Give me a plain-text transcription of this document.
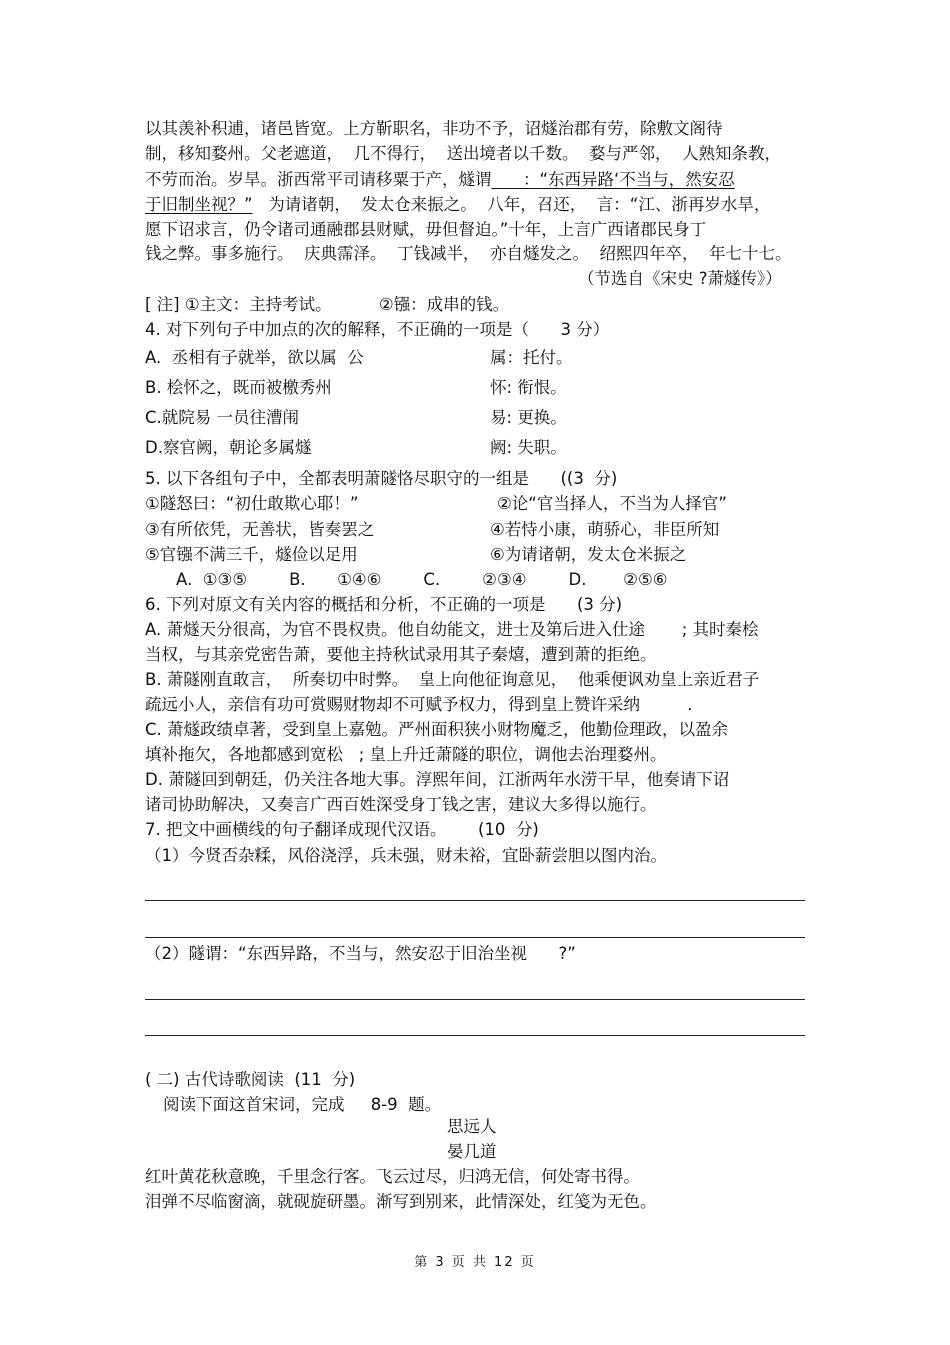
以其羡补积逋，诸邑皆宽。上方靳职名，非功不予，诏燧治郡有劳，除敷文阁待
制，移知婺州。父老遮道，  几不得行，  送出境者以千数。  婺与严邻，  人熟知条教，
不劳而治。岁旱。浙西常平司请移粟于产，燧谓      ：“东西异路‘不当与，然安忍
于旧制坐视？”   为请诸朝，  发太仓来振之。  八年，召还，  言：“江、浙再岁水旱，
愿下诏求言，仍令诸司通融郡县财赋，毋但督迫。”十年，上言广西诸郡民身丁
钱之弊。事多施行。  庆典霈泽。  丁钱减半，  亦自燧发之。  绍熙四年卒，  年七十七。
（节选自《宋史 ?萧燧传》）
[ 注] ①主文：主持考试。         ②镪：成串的钱。
4. 对下列句子中加点的次的解释，不正确的一项是（      3 分）
A.  丞相有子就举，欲以属  公	属：托付。
B. 桧怀之，既而被檄秀州	怀: 衔恨。
C.就院易 一员往漕闱	易: 更换。
D.察官阙，朝论多属燧	阙: 失职。
5. 以下各组句子中，全都表明萧隧恪尽职守的一组是      ((3  分)
①隧怒曰：“初仕敢欺心耶！”	②论“官当择人，不当为人择官”
③有所依凭，无善状，皆奏罢之	④若恃小康，萌骄心，非臣所知
⑤官镪不满三千，燧俭以足用	⑥为请诸朝，发太仓米振之
A.  ①③⑤        B.      ①④⑥        C.        ②③④        D.       ②⑤⑥
6. 下列对原文有关内容的概括和分析，不正确的一项是      (3 分)
A. 萧燧天分很高，为官不畏权贵。他自幼能文，进士及第后进入仕途       ; 其时秦桧
当权，与其亲党密告萧，要他主持秋试录用其子秦熺，遭到萧的拒绝。
B. 萧隧刚直敢言，  所奏切中时弊。  皇上向他征询意见，  他乘便讽劝皇上亲近君子
疏远小人，亲信有功可赏赐财物却不可赋予权力，得到皇上赞许采纳         .
C. 萧燧政绩卓著，受到皇上嘉勉。严州面积狭小财物魔乏，他勤俭理政，以盈余
填补拖欠，各地都感到宽松   ; 皇上升迁萧隧的职位，调他去治理婺州。
D. 萧隧回到朝廷，仍关注各地大事。淳熙年间，江浙两年水涝干早，他奏请下诏
诸司协助解决，又奏言广西百姓深受身丁钱之害，建议大多得以施行。
7. 把文中画横线的句子翻译成现代汉语。      (10  分)
（1）今贤否杂糅，风俗浇浮，兵未强，财未裕，宜卧薪尝胆以图内治。
（2）隧谓：“东西异路，不当与，然安忍于旧治坐视      ?”
( 二) 古代诗歌阅读  (11  分)
阅读下面这首宋词，完成     8-9  题。
思远人
晏几道
红叶黄花秋意晚，千里念行客。飞云过尽，归鸿无信，何处寄书得。
泪弹不尽临窗滴，就砚旋研墨。渐写到别来，此情深处，红笺为无色。
第 3 页 共 12 页
